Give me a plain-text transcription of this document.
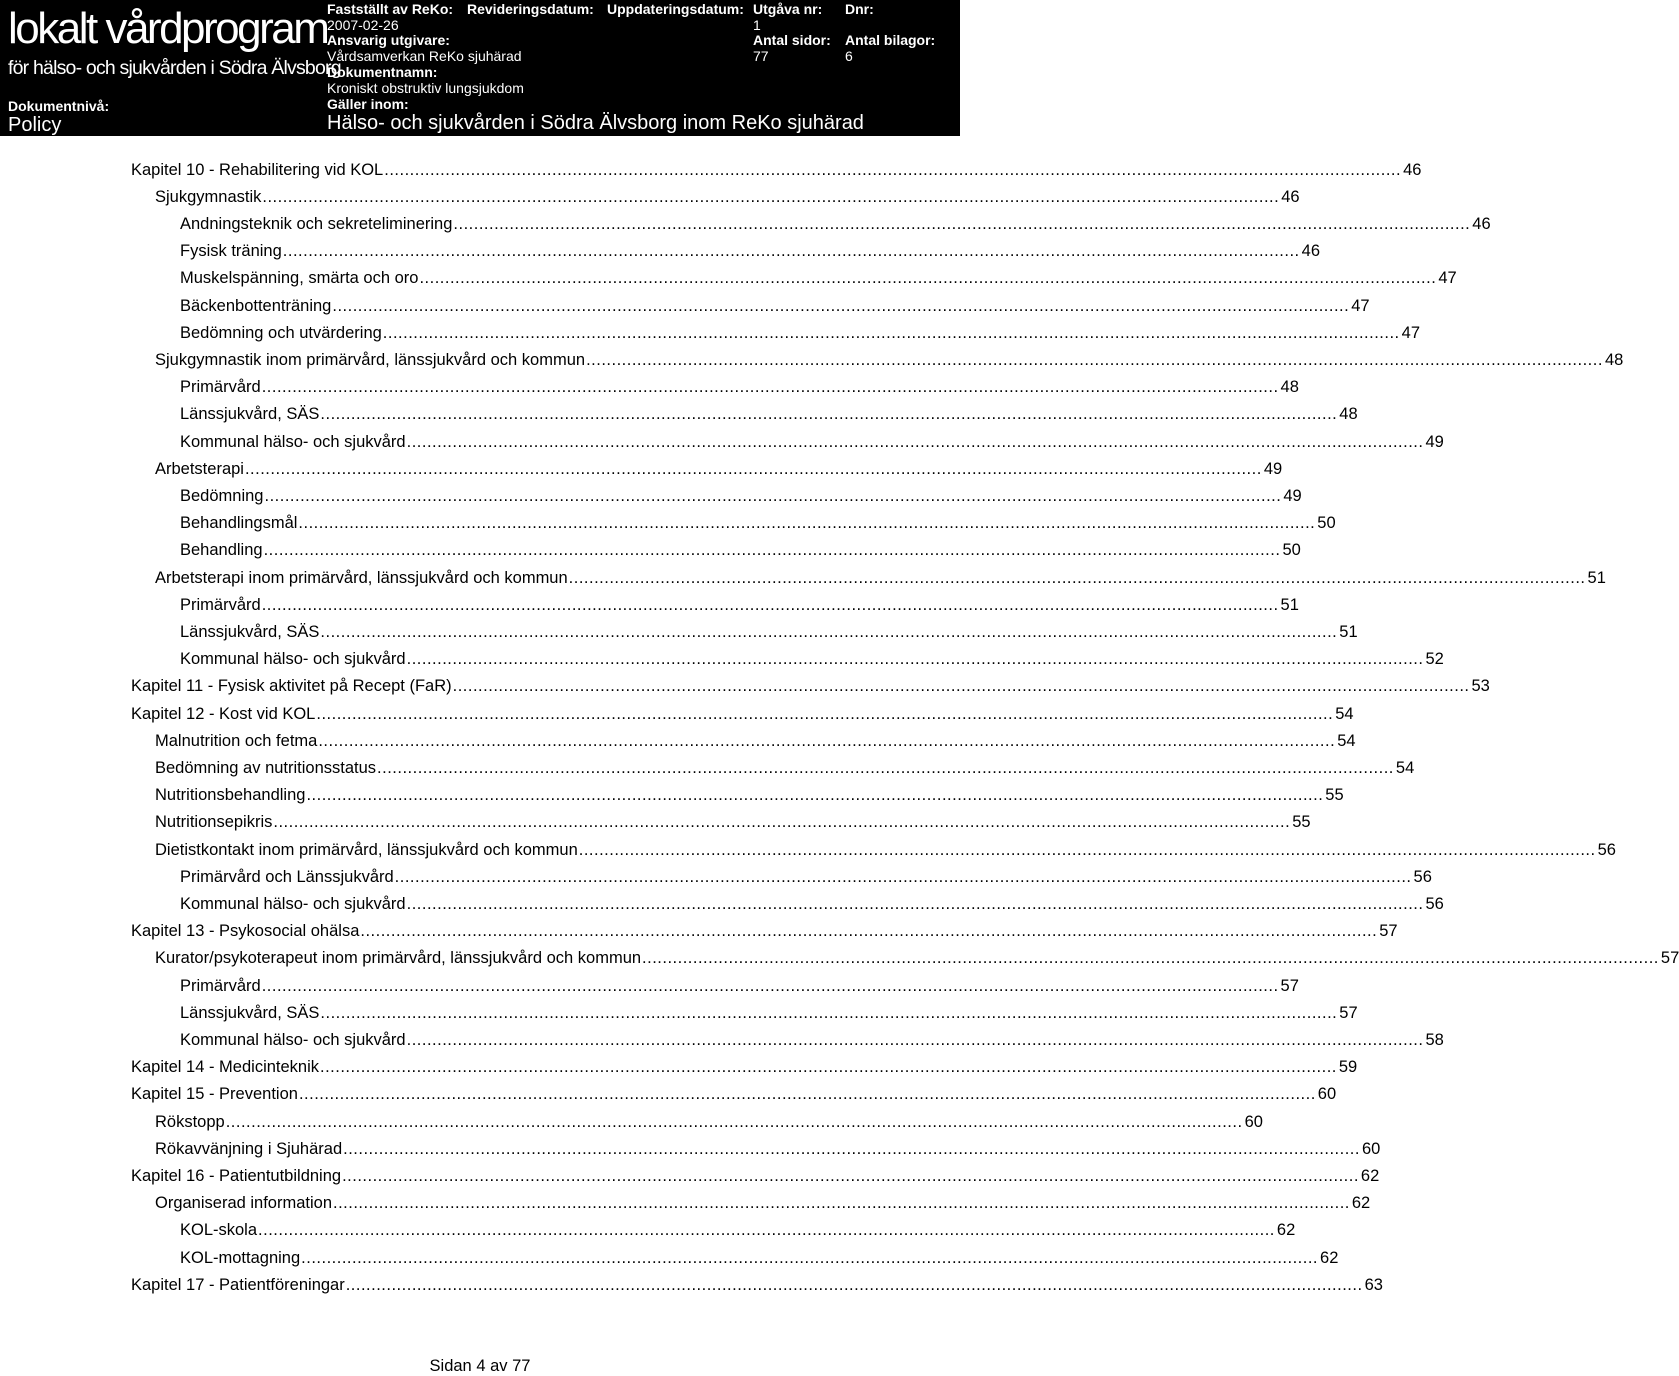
lokalt vårdprogram
för hälso- och sjukvården i Södra Älvsborg
Dokumentnivå:
Policy
Fastställt av ReKo:
2007-02-26
Revideringsdatum: Uppdateringsdatum: Utgåva nr:
1
Dnr:
Ansvarig utgivare:
Vårdsamverkan ReKo sjuhärad
Antal sidor:
77
Antal bilagor:
6
Dokumentnamn:
Kroniskt obstruktiv lungsjukdom
Gäller inom:
Hälso- och sjukvården i Södra Älvsborg inom ReKo sjuhärad
Kapitel 10 - Rehabilitering vid KOL ........................................................................................................................................................................................................ 46
Sjukgymnastik ........................................................................................................................................................................................................ 46
Andningsteknik och sekreteliminering ........................................................................................................................................................................................................ 46
Fysisk träning ........................................................................................................................................................................................................ 46
Muskelspänning, smärta och oro ........................................................................................................................................................................................................ 47
Bäckenbottenträning ........................................................................................................................................................................................................ 47
Bedömning och utvärdering ........................................................................................................................................................................................................ 47
Sjukgymnastik inom primärvård, länssjukvård och kommun ........................................................................................................................................................................................................ 48
Primärvård ........................................................................................................................................................................................................ 48
Länssjukvård, SÄS ........................................................................................................................................................................................................ 48
Kommunal hälso- och sjukvård ........................................................................................................................................................................................................ 49
Arbetsterapi ........................................................................................................................................................................................................ 49
Bedömning ........................................................................................................................................................................................................ 49
Behandlingsmål ........................................................................................................................................................................................................ 50
Behandling ........................................................................................................................................................................................................ 50
Arbetsterapi inom primärvård, länssjukvård och kommun ........................................................................................................................................................................................................ 51
Primärvård ........................................................................................................................................................................................................ 51
Länssjukvård, SÄS ........................................................................................................................................................................................................ 51
Kommunal hälso- och sjukvård ........................................................................................................................................................................................................ 52
Kapitel 11 - Fysisk aktivitet på Recept (FaR) ........................................................................................................................................................................................................ 53
Kapitel 12 - Kost vid KOL ........................................................................................................................................................................................................ 54
Malnutrition och fetma ........................................................................................................................................................................................................ 54
Bedömning av nutritionsstatus ........................................................................................................................................................................................................ 54
Nutritionsbehandling ........................................................................................................................................................................................................ 55
Nutritionsepikris ........................................................................................................................................................................................................ 55
Dietistkontakt inom primärvård, länssjukvård och kommun ........................................................................................................................................................................................................ 56
Primärvård och Länssjukvård ........................................................................................................................................................................................................ 56
Kommunal hälso- och sjukvård ........................................................................................................................................................................................................ 56
Kapitel 13 - Psykosocial ohälsa ........................................................................................................................................................................................................ 57
Kurator/psykoterapeut inom primärvård, länssjukvård och kommun ........................................................................................................................................................................................................ 57
Primärvård ........................................................................................................................................................................................................ 57
Länssjukvård, SÄS ........................................................................................................................................................................................................ 57
Kommunal hälso- och sjukvård ........................................................................................................................................................................................................ 58
Kapitel 14 - Medicinteknik ........................................................................................................................................................................................................ 59
Kapitel 15 - Prevention ........................................................................................................................................................................................................ 60
Rökstopp ........................................................................................................................................................................................................ 60
Rökavvänjning i Sjuhärad ........................................................................................................................................................................................................ 60
Kapitel 16 - Patientutbildning ........................................................................................................................................................................................................ 62
Organiserad information ........................................................................................................................................................................................................ 62
KOL-skola ........................................................................................................................................................................................................ 62
KOL-mottagning ........................................................................................................................................................................................................ 62
Kapitel 17 - Patientföreningar ........................................................................................................................................................................................................ 63
Sidan 4 av 77
